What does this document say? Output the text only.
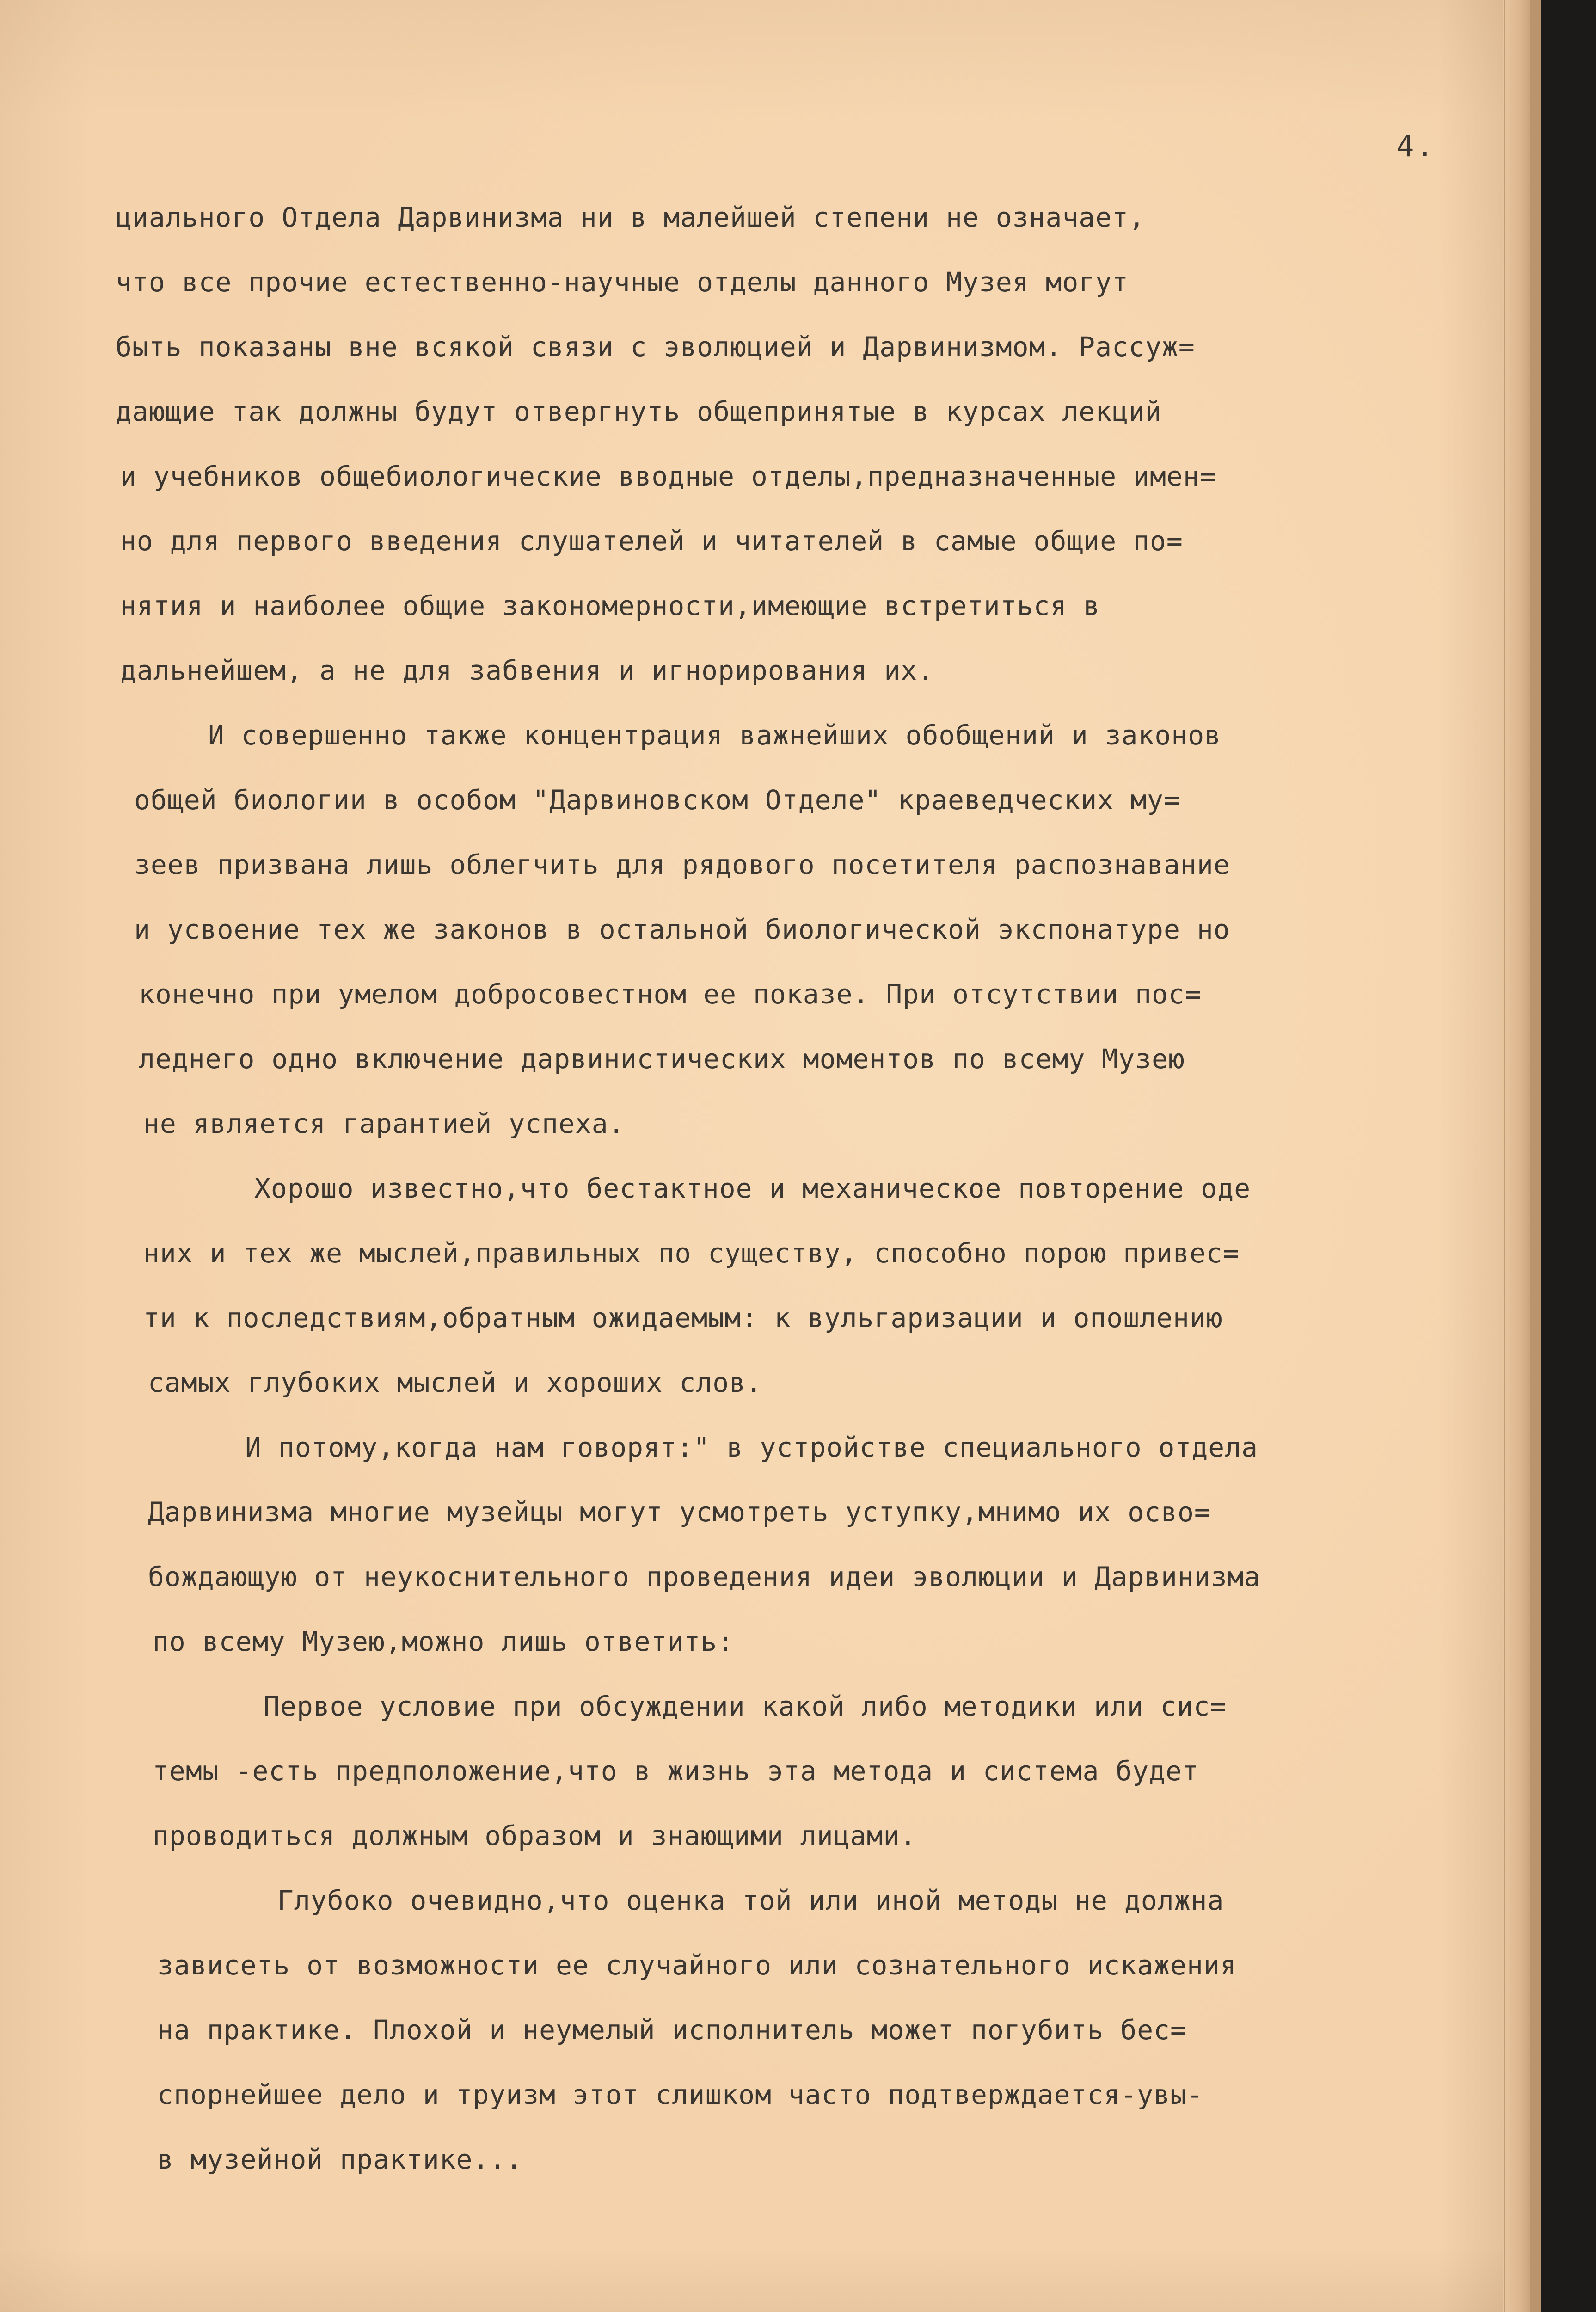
4.
циального Отдела Дарвинизма ни в малейшей степени не означает,
что все прочие естественно-научные отделы данного Музея могут
быть показаны вне всякой связи с эволюцией и Дарвинизмом. Рассуж=
дающие так должны будут отвергнуть общепринятые в курсах лекций
и учебников общебиологические вводные отделы,предназначенные имен=
но для первого введения слушателей и читателей в самые общие по=
нятия и наиболее общие закономерности,имеющие встретиться в
дальнейшем, а не для забвения и игнорирования их.
И совершенно также концентрация важнейших обобщений и законов
общей биологии в особом "Дарвиновском Отделе" краеведческих му=
зеев призвана лишь облегчить для рядового посетителя распознавание
и усвоение тех же законов в остальной биологической экспонатуре но
конечно при умелом добросовестном ее показе. При отсутствии пос=
леднего одно включение дарвинистических моментов по всему Музею
не является гарантией успеха.
Хорошо известно,что бестактное и механическое повторение оде
них и тех же мыслей,правильных по существу, способно порою привес=
ти к последствиям,обратным ожидаемым: к вульгаризации и опошлению
самых глубоких мыслей и хороших слов.
И потому,когда нам говорят:" в устройстве специального отдела
Дарвинизма многие музейцы могут усмотреть уступку,мнимо их осво=
бождающую от неукоснительного проведения идеи эволюции и Дарвинизма
по всему Музею,можно лишь ответить:
Первое условие при обсуждении какой либо методики или сис=
темы -есть предположение,что в жизнь эта метода и система будет
проводиться должным образом и знающими лицами.
Глубоко очевидно,что оценка той или иной методы не должна
зависеть от возможности ее случайного или сознательного искажения
на практике. Плохой и неумелый исполнитель может погубить бес=
спорнейшее дело и труизм этот слишком часто подтверждается-увы-
в музейной практике...
